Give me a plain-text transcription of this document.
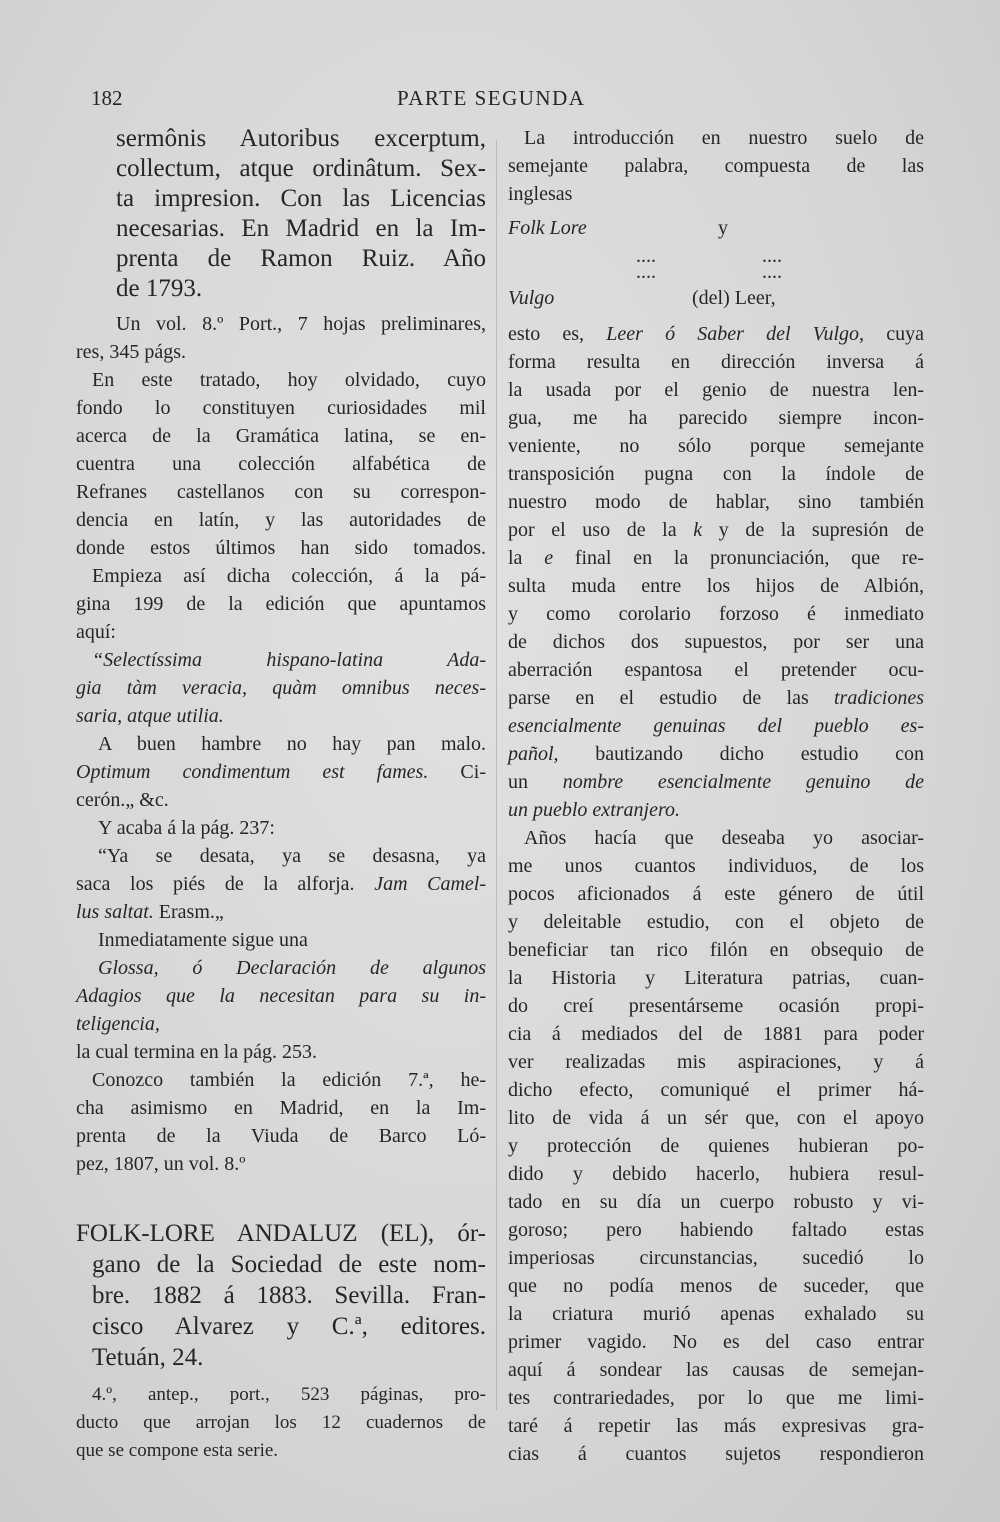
182	PARTE SEGUNDA
sermônis Autoribus excerptum,
collectum, atque ordinâtum. Sex-
ta impresion. Con las Licencias
necesarias. En Madrid en la Im-
prenta de Ramon Ruiz. Año
de 1793.
Un vol. 8.º Port., 7 hojas preliminares,
res, 345 págs.
En este tratado, hoy olvidado, cuyo
fondo lo constituyen curiosidades mil
acerca de la Gramática latina, se en-
cuentra una colección alfabética de
Refranes castellanos con su correspon-
dencia en latín, y las autoridades de
donde estos últimos han sido tomados.
Empieza así dicha colección, á la pá-
gina 199 de la edición que apuntamos
aquí:
“Selectíssima hispano-latina Ada-
gia tàm veracia, quàm omnibus neces-
saria, atque utilia.
A buen hambre no hay pan malo.
Optimum condimentum est fames. Ci-
cerón.„ &c.
Y acaba á la pág. 237:
“Ya se desata, ya se desasna, ya
saca los piés de la alforja. Jam Camel-
lus saltat. Erasm.„
Inmediatamente sigue una
Glossa, ó Declaración de algunos
Adagios que la necesitan para su in-
teligencia,
la cual termina en la pág. 253.
Conozco también la edición 7.ª, he-
cha asimismo en Madrid, en la Im-
prenta de la Viuda de Barco Ló-
pez, 1807, un vol. 8.º
FOLK-LORE ANDALUZ (EL), ór-
gano de la Sociedad de este nom-
bre. 1882 á 1883. Sevilla. Fran-
cisco Alvarez y C.ª, editores.
Tetuán, 24.
4.º, antep., port., 523 páginas, pro-
ducto que arrojan los 12 cuadernos de
que se compone esta serie.
La introducción en nuestro suelo de
semejante palabra, compuesta de las
inglesas
Folk	y
Lore
....	....
....	....
Vulgo	(del) Leer,
esto es, Leer ó Saber del Vulgo, cuya
forma resulta en dirección inversa á
la usada por el genio de nuestra len-
gua, me ha parecido siempre incon-
veniente, no sólo porque semejante
transposición pugna con la índole de
nuestro modo de hablar, sino también
por el uso de la k y de la supresión de
la e final en la pronunciación, que re-
sulta muda entre los hijos de Albión,
y como corolario forzoso é inmediato
de dichos dos supuestos, por ser una
aberración espantosa el pretender ocu-
parse en el estudio de las tradiciones
esencialmente genuinas del pueblo es-
pañol, bautizando dicho estudio con
un nombre esencialmente genuino de
un pueblo extranjero.
Años hacía que deseaba yo asociar-
me unos cuantos individuos, de los
pocos aficionados á este género de útil
y deleitable estudio, con el objeto de
beneficiar tan rico filón en obsequio de
la Historia y Literatura patrias, cuan-
do creí presentárseme ocasión propi-
cia á mediados del de 1881 para poder
ver realizadas mis aspiraciones, y á
dicho efecto, comuniqué el primer há-
lito de vida á un sér que, con el apoyo
y protección de quienes hubieran po-
dido y debido hacerlo, hubiera resul-
tado en su día un cuerpo robusto y vi-
goroso; pero habiendo faltado estas
imperiosas circunstancias, sucedió lo
que no podía menos de suceder, que
la criatura murió apenas exhalado su
primer vagido. No es del caso entrar
aquí á sondear las causas de semejan-
tes contrariedades, por lo que me limi-
taré á repetir las más expresivas gra-
cias á cuantos sujetos respondieron
